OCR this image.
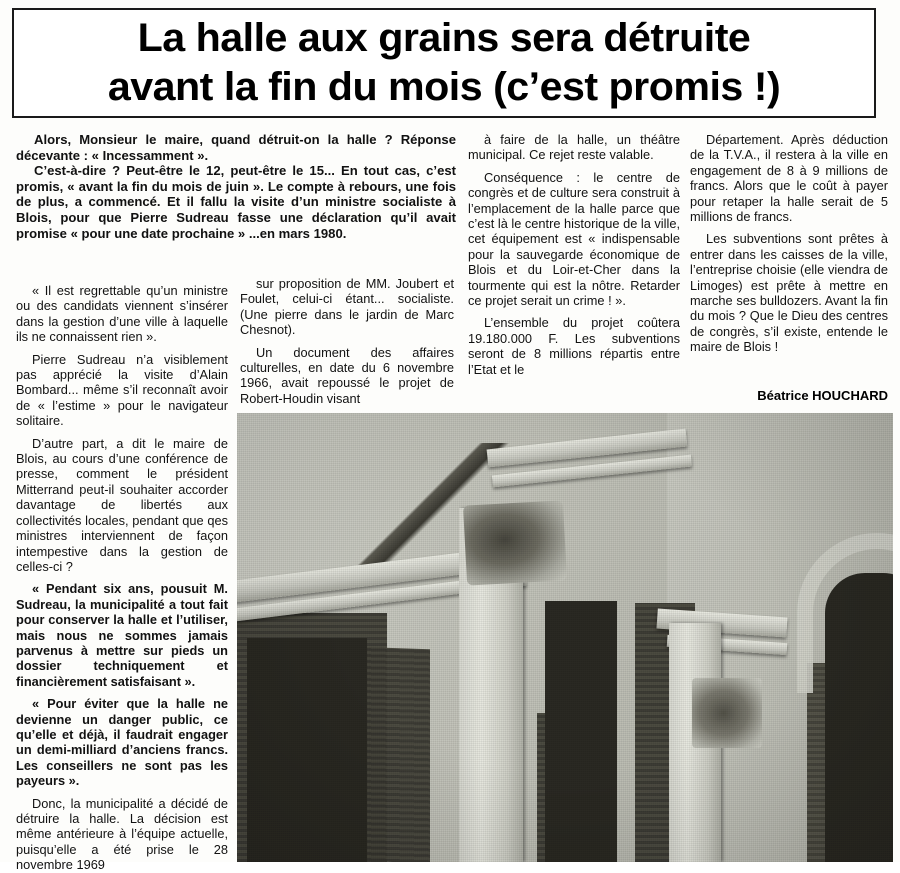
La halle aux grains sera détruite
avant la fin du mois (c’est promis !)

Alors, Monsieur le maire, quand détruit-on la halle ? Réponse décevante : « Incessamment ».

C’est-à-dire ? Peut-être le 12, peut-être le 15... En tout cas, c’est promis, « avant la fin du mois de juin ». Le compte à rebours, une fois de plus, a commencé. Et il fallu la visite d’un ministre socialiste à Blois, pour que Pierre Sudreau fasse une déclaration qu’il avait promise « pour une date prochaine » ...en mars 1980.

« Il est regrettable qu’un ministre ou des candidats viennent s’insérer dans la gestion d’une ville à laquelle ils ne connaissent rien ».

Pierre Sudreau n’a visiblement pas apprécié la visite d’Alain Bombard... même s’il reconnaît avoir de « l’estime » pour le navigateur solitaire.

D’autre part, a dit le maire de Blois, au cours d’une conférence de presse, comment le président Mitterrand peut-il souhaiter accorder davantage de libertés aux collectivités locales, pendant que qes ministres interviennent de façon intempestive dans la gestion de celles-ci ?

« Pendant six ans, pousuit M. Sudreau, la municipalité a tout fait pour conserver la halle et l’utiliser, mais nous ne sommes jamais parvenus à mettre sur pieds un dossier techniquement et financièrement satisfaisant ».

« Pour éviter que la halle ne devienne un danger public, ce qu’elle et déjà, il faudrait engager un demi-milliard d’anciens francs. Les conseillers ne sont pas les payeurs ».

Donc, la municipalité a décidé de détruire la halle. La décision est même antérieure à l’équipe actuelle, puisqu’elle a été prise le 28 novembre 1969

sur proposition de MM. Joubert et Foulet, celui-ci étant... socialiste. (Une pierre dans le jardin de Marc Chesnot).

Un document des affaires culturelles, en date du 6 novembre 1966, avait repoussé le projet de Robert-Houdin visant

à faire de la halle, un théâtre municipal. Ce rejet reste valable.

Conséquence : le centre de congrès et de culture sera construit à l’emplacement de la halle parce que c’est là le centre historique de la ville, cet équipement est « indispensable pour la sauvegarde économique de Blois et du Loir-et-Cher dans la tourmente qui est la nôtre. Retarder ce projet serait un crime ! ».

L’ensemble du projet coûtera 19.180.000 F. Les subventions seront de 8 millions répartis entre l’Etat et le

Département. Après déduction de la T.V.A., il restera à la ville en engagement de 8 à 9 millions de francs. Alors que le coût à payer pour retaper la halle serait de 5 millions de francs.

Les subventions sont prêtes à entrer dans les caisses de la ville, l’entreprise choisie (elle viendra de Limoges) est prête à mettre en marche ses bulldozers. Avant la fin du mois ? Que le Dieu des centres de congrès, s’il existe, entende le maire de Blois !

Béatrice HOUCHARD
